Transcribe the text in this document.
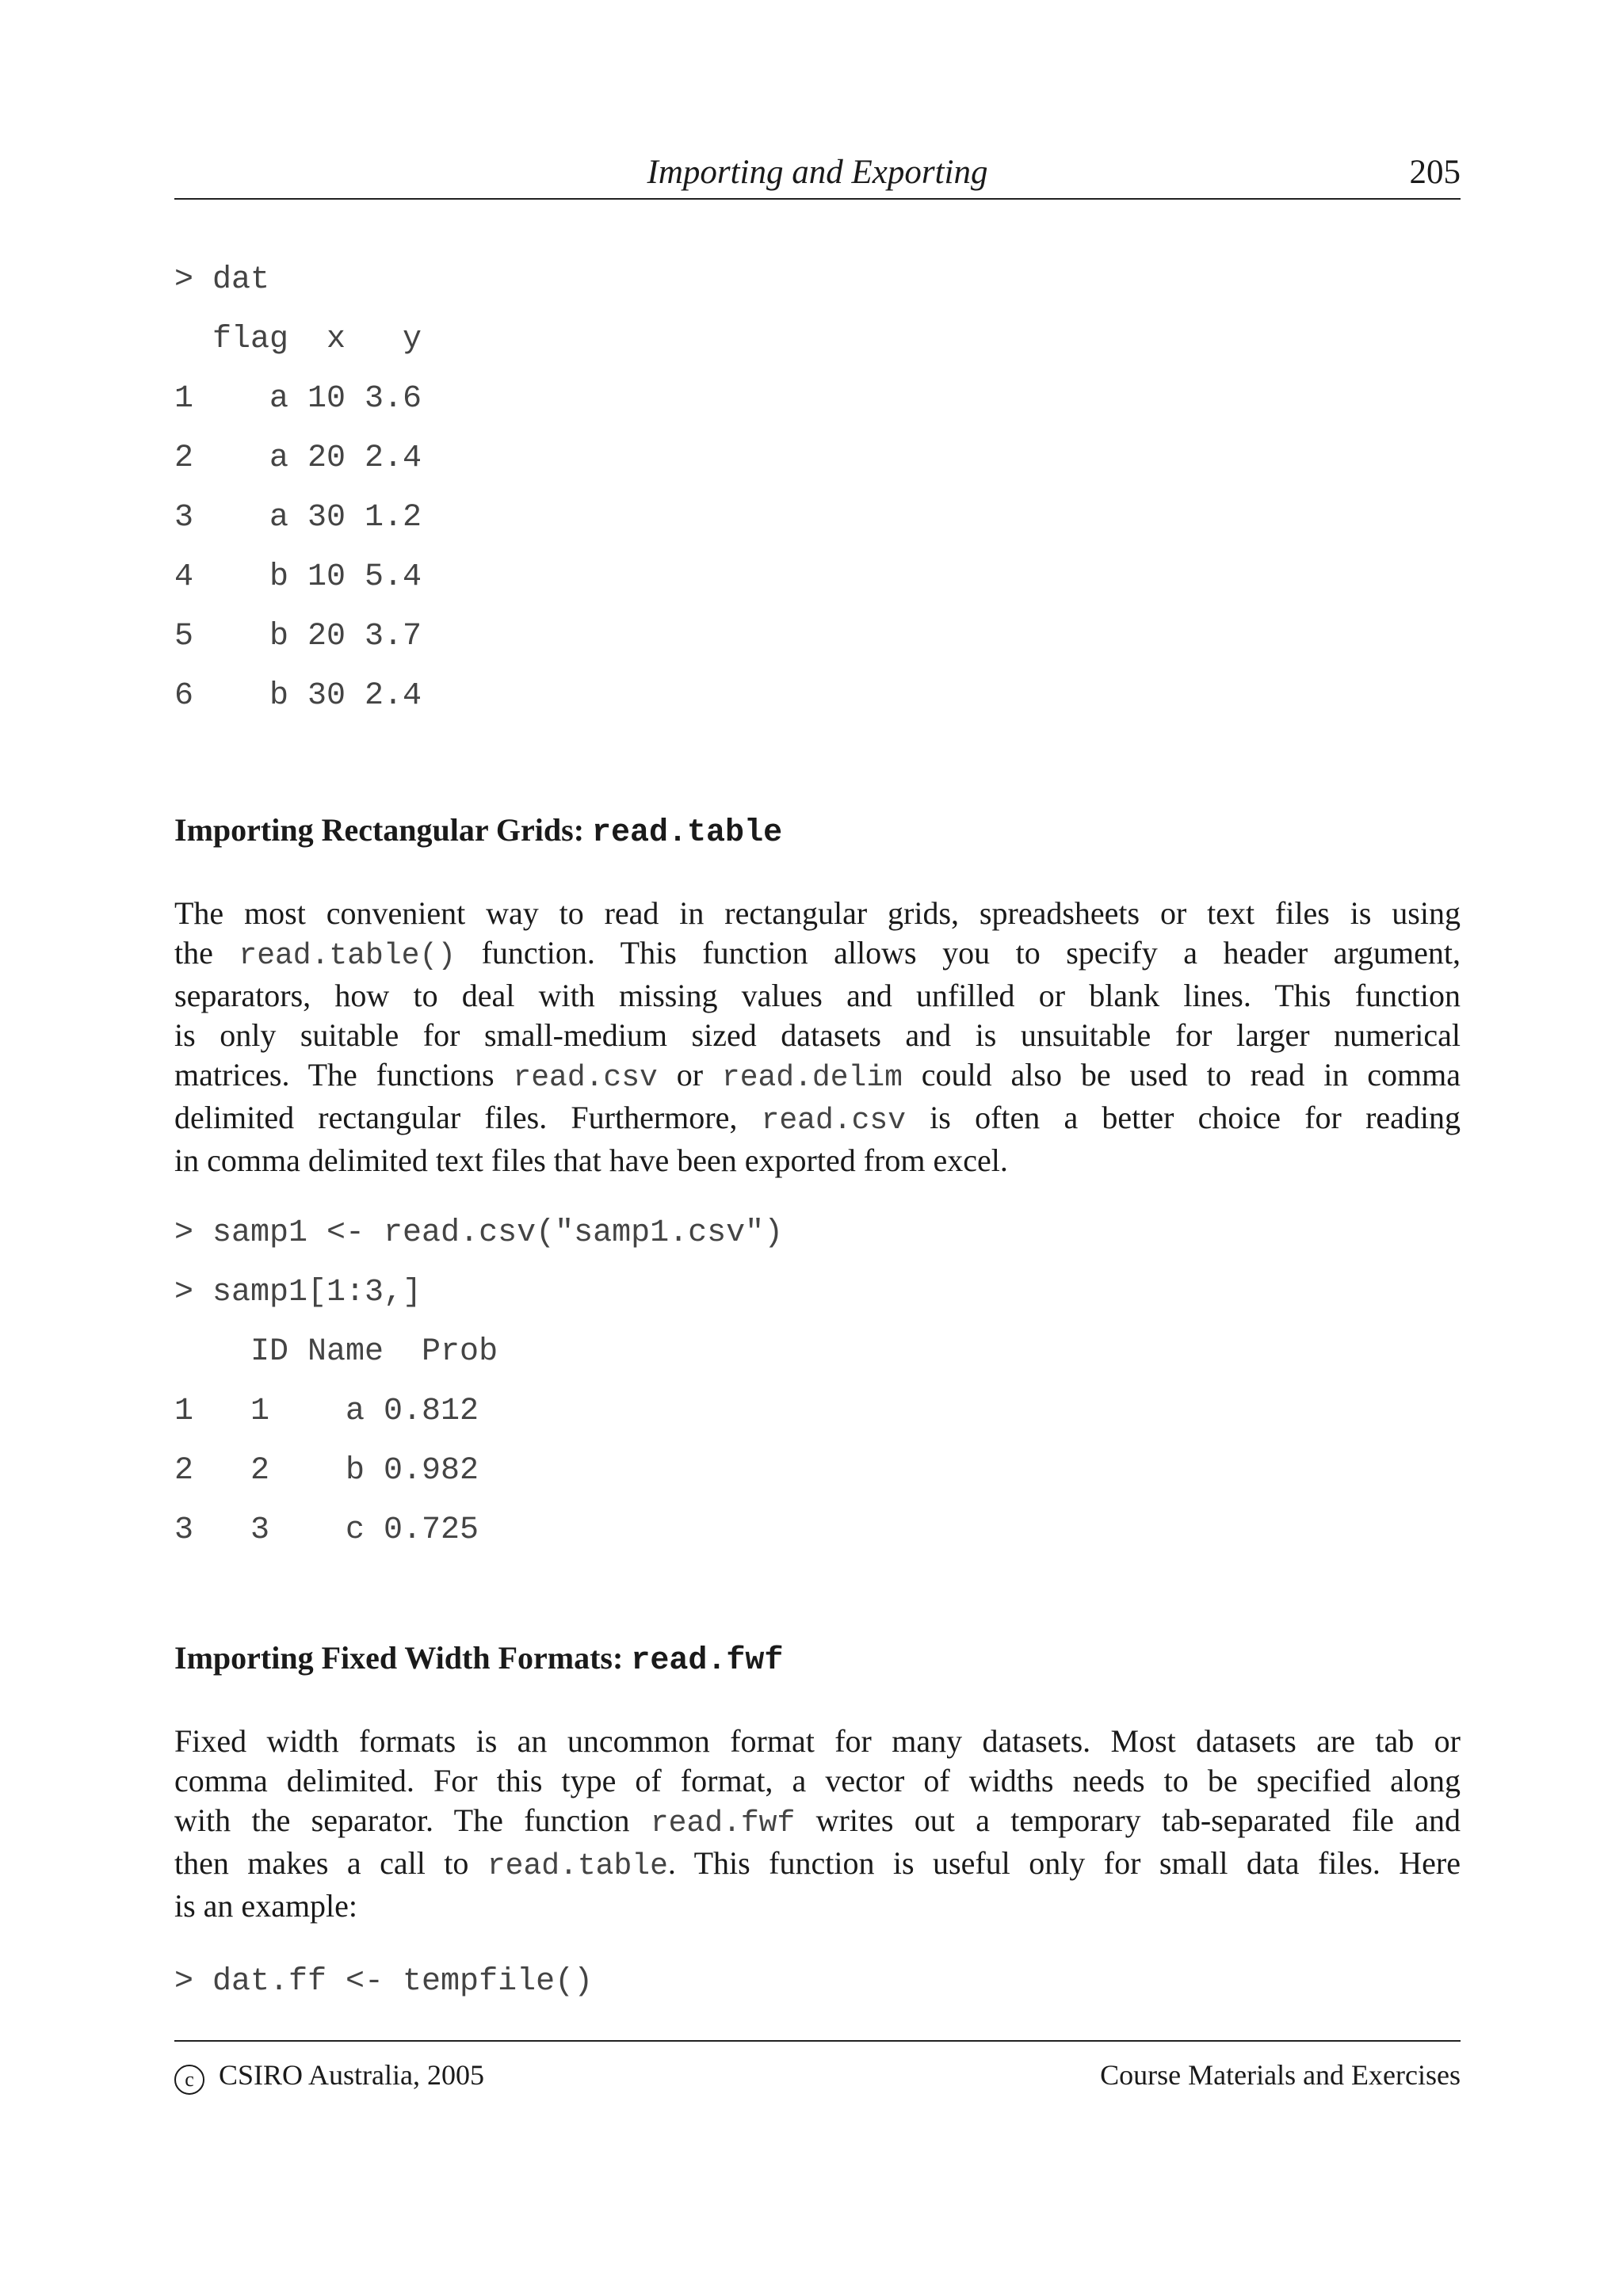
Importing and Exporting	205
> dat
flag  x   y
1    a 10 3.6
2    a 20 2.4
3    a 30 1.2
4    b 10 5.4
5    b 20 3.7
6    b 30 2.4
Importing Rectangular Grids: read.table
The most convenient way to read in rectangular grids, spreadsheets or text files is using
the read.table() function. This function allows you to specify a header argument,
separators, how to deal with missing values and unfilled or blank lines. This function
is only suitable for small-medium sized datasets and is unsuitable for larger numerical
matrices. The functions read.csv or read.delim could also be used to read in comma
delimited rectangular files. Furthermore, read.csv is often a better choice for reading
in comma delimited text files that have been exported from excel.
> samp1 <- read.csv("samp1.csv")
> samp1[1:3,]
ID Name  Prob
1   1    a 0.812
2   2    b 0.982
3   3    c 0.725
Importing Fixed Width Formats: read.fwf
Fixed width formats is an uncommon format for many datasets. Most datasets are tab or
comma delimited. For this type of format, a vector of widths needs to be specified along
with the separator. The function read.fwf writes out a temporary tab-separated file and
then makes a call to read.table. This function is useful only for small data files. Here
is an example:
> dat.ff <- tempfile()
c CSIRO Australia, 2005	Course Materials and Exercises
